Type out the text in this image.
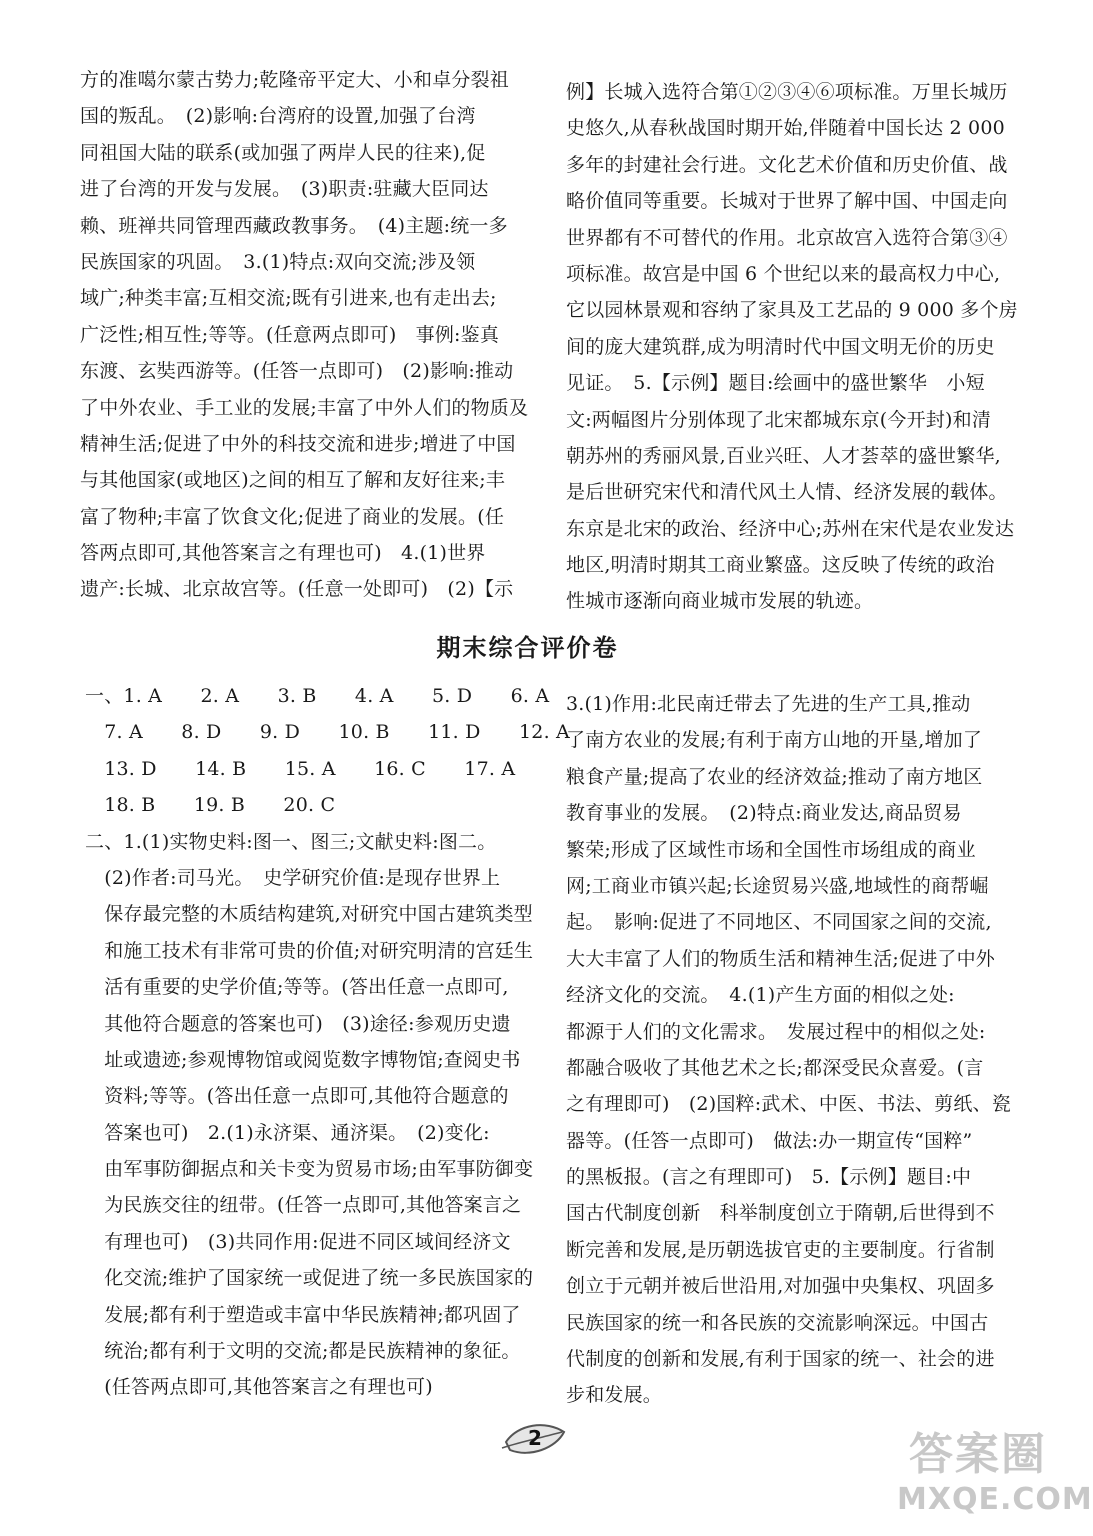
方的准噶尔蒙古势力;乾隆帝平定大、小和卓分裂祖
国的叛乱。　(2)影响:台湾府的设置,加强了台湾
同祖国大陆的联系(或加强了两岸人民的往来),促
进了台湾的开发与发展。　(3)职责:驻藏大臣同达
赖、班禅共同管理西藏政教事务。　(4)主题:统一多
民族国家的巩固。　3.(1)特点:双向交流;涉及领
域广;种类丰富;互相交流;既有引进来,也有走出去;
广泛性;相互性;等等。(任意两点即可)　事例:鉴真
东渡、玄奘西游等。(任答一点即可)　(2)影响:推动
了中外农业、手工业的发展;丰富了中外人们的物质及
精神生活;促进了中外的科技交流和进步;增进了中国
与其他国家(或地区)之间的相互了解和友好往来;丰
富了物种;丰富了饮食文化;促进了商业的发展。(任
答两点即可,其他答案言之有理也可)　4.(1)世界
遗产:长城、北京故宫等。(任意一处即可)　(2)【示
例】长城入选符合第①②③④⑥项标准。万里长城历
史悠久,从春秋战国时期开始,伴随着中国长达 2 000
多年的封建社会行进。文化艺术价值和历史价值、战
略价值同等重要。长城对于世界了解中国、中国走向
世界都有不可替代的作用。北京故宫入选符合第③④
项标准。故宫是中国 6 个世纪以来的最高权力中心,
它以园林景观和容纳了家具及工艺品的 9 000 多个房
间的庞大建筑群,成为明清时代中国文明无价的历史
见证。　5.【示例】题目:绘画中的盛世繁华　小短
文:两幅图片分别体现了北宋都城东京(今开封)和清
朝苏州的秀丽风景,百业兴旺、人才荟萃的盛世繁华,
是后世研究宋代和清代风土人情、经济发展的载体。
东京是北宋的政治、经济中心;苏州在宋代是农业发达
地区,明清时期其工商业繁盛。这反映了传统的政治
性城市逐渐向商业城市发展的轨迹。
期末综合评价卷
一、1. A　　2. A　　3. B　　4. A　　5. D　　6. A
　7. A　　8. D　　9. D　　10. B　　11. D　　12. A
　13. D　　14. B　　15. A　　16. C　　17. A
　18. B　　19. B　　20. C
二、1.(1)实物史料:图一、图三;文献史料:图二。
　(2)作者:司马光。　史学研究价值:是现存世界上
　保存最完整的木质结构建筑,对研究中国古建筑类型
　和施工技术有非常可贵的价值;对研究明清的宫廷生
　活有重要的史学价值;等等。(答出任意一点即可,
　其他符合题意的答案也可)　(3)途径:参观历史遗
　址或遗迹;参观博物馆或阅览数字博物馆;查阅史书
　资料;等等。(答出任意一点即可,其他符合题意的
　答案也可)　2.(1)永济渠、通济渠。　(2)变化:
　由军事防御据点和关卡变为贸易市场;由军事防御变
　为民族交往的纽带。(任答一点即可,其他答案言之
　有理也可)　(3)共同作用:促进不同区域间经济文
　化交流;维护了国家统一或促进了统一多民族国家的
　发展;都有利于塑造或丰富中华民族精神;都巩固了
　统治;都有利于文明的交流;都是民族精神的象征。
　(任答两点即可,其他答案言之有理也可)
3.(1)作用:北民南迁带去了先进的生产工具,推动
了南方农业的发展;有利于南方山地的开垦,增加了
粮食产量;提高了农业的经济效益;推动了南方地区
教育事业的发展。　(2)特点:商业发达,商品贸易
繁荣;形成了区域性市场和全国性市场组成的商业
网;工商业市镇兴起;长途贸易兴盛,地域性的商帮崛
起。　影响:促进了不同地区、不同国家之间的交流,
大大丰富了人们的物质生活和精神生活;促进了中外
经济文化的交流。　4.(1)产生方面的相似之处:
都源于人们的文化需求。　发展过程中的相似之处:
都融合吸收了其他艺术之长;都深受民众喜爱。(言
之有理即可)　(2)国粹:武术、中医、书法、剪纸、瓷
器等。(任答一点即可)　做法:办一期宣传“国粹”
的黑板报。(言之有理即可)　5.【示例】题目:中
国古代制度创新　科举制度创立于隋朝,后世得到不
断完善和发展,是历朝选拔官吏的主要制度。行省制
创立于元朝并被后世沿用,对加强中央集权、巩固多
民族国家的统一和各民族的交流影响深远。中国古
代制度的创新和发展,有利于国家的统一、社会的进
步和发展。
2	答案圈
MXQE.COM
